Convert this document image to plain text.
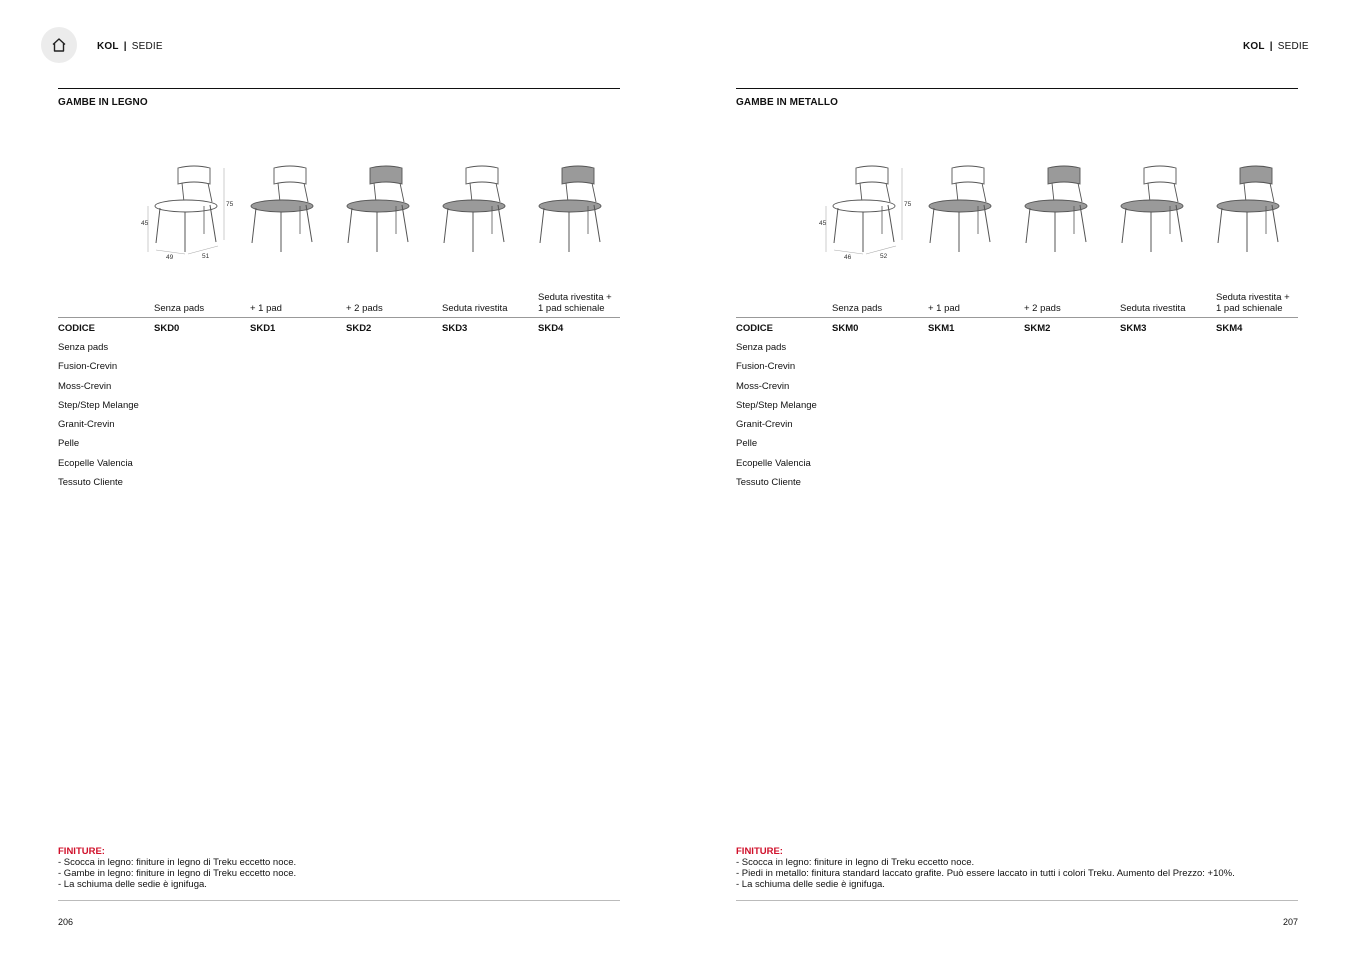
KOL | SEDIE	KOL | SEDIE
GAMBE IN LEGNO
75
45
49	51
Senza pads	+ 1 pad	+ 2 pads	Seduta rivestita
Seduta rivestita +
1 pad schienale
CODICE	SKD0	SKD1	SKD2	SKD3	SKD4
Senza pads
Fusion-Crevin
Moss-Crevin
Step/Step Melange
Granit-Crevin
Pelle
Ecopelle Valencia
Tessuto Cliente
FINITURE:
- Scocca in legno: finiture in legno di Treku eccetto noce.
- Gambe in legno: finiture in legno di Treku eccetto noce.
- La schiuma delle sedie è ignifuga.
206
GAMBE IN METALLO
75
45
46	52
Senza pads	+ 1 pad	+ 2 pads	Seduta rivestita
Seduta rivestita +
1 pad schienale
CODICE	SKM0	SKM1	SKM2	SKM3	SKM4
Senza pads
Fusion-Crevin
Moss-Crevin
Step/Step Melange
Granit-Crevin
Pelle
Ecopelle Valencia
Tessuto Cliente
FINITURE:
- Scocca in legno: finiture in legno di Treku eccetto noce.
- Piedi in metallo: finitura standard laccato grafite. Può essere laccato in tutti i colori Treku. Aumento del Prezzo: +10%.
- La schiuma delle sedie è ignifuga.
207
